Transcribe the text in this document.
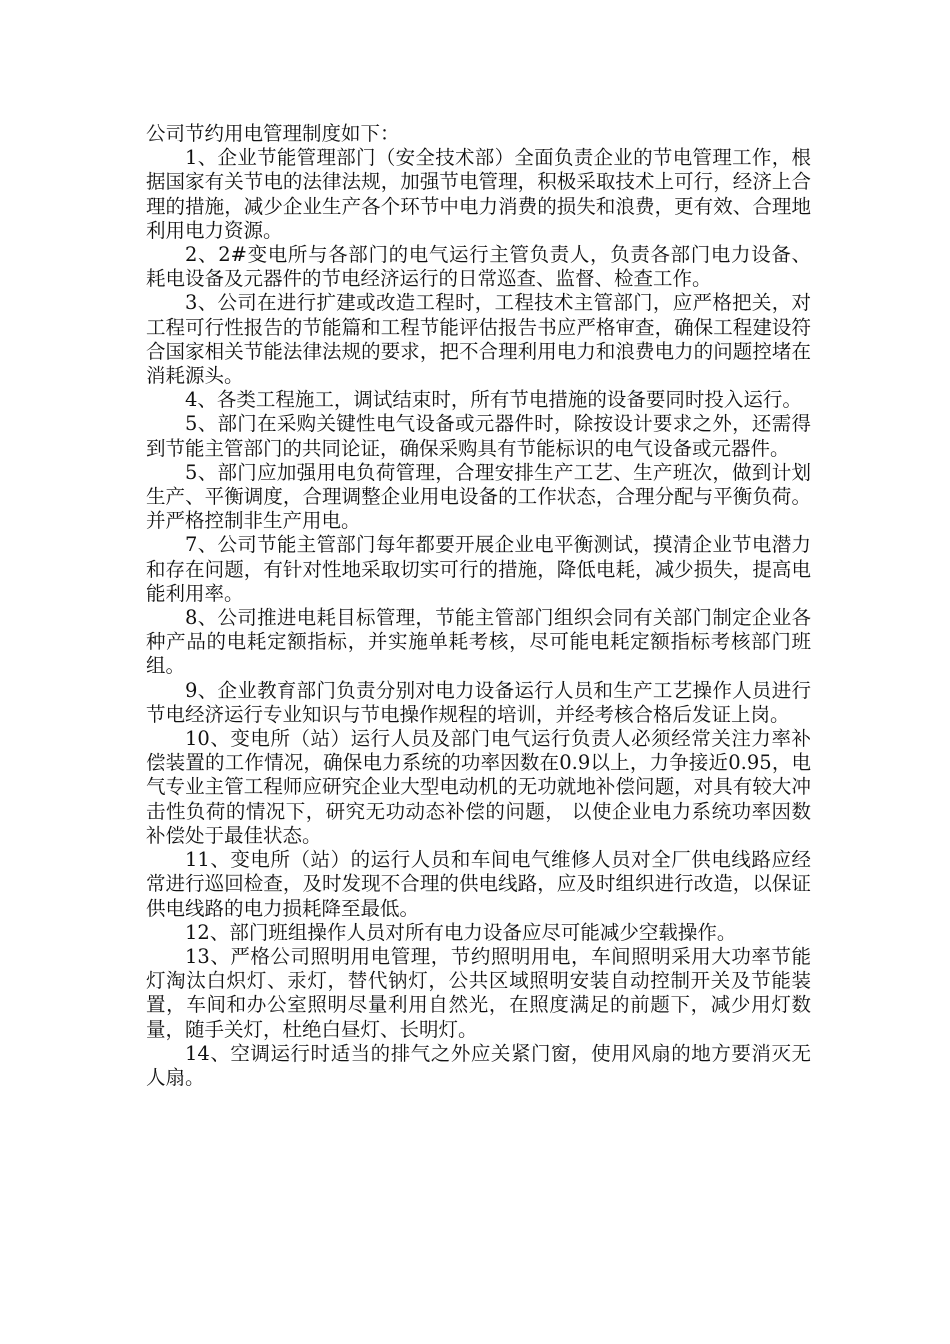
公司节约用电管理制度如下：

1、企业节能管理部门（安全技术部）全面负责企业的节电管理工作，根据国家有关节电的法律法规，加强节电管理，积极采取技术上可行，经济上合理的措施，减少企业生产各个环节中电力消费的损失和浪费，更有效、合理地利用电力资源。

2、2#变电所与各部门的电气运行主管负责人，负责各部门电力设备、耗电设备及元器件的节电经济运行的日常巡查、监督、检查工作。

3、公司在进行扩建或改造工程时，工程技术主管部门，应严格把关，对工程可行性报告的节能篇和工程节能评估报告书应严格审查，确保工程建设符合国家相关节能法律法规的要求，把不合理利用电力和浪费电力的问题控堵在消耗源头。

4、各类工程施工，调试结束时，所有节电措施的设备要同时投入运行。

5、部门在采购关键性电气设备或元器件时，除按设计要求之外，还需得到节能主管部门的共同论证，确保采购具有节能标识的电气设备或元器件。

5、部门应加强用电负荷管理，合理安排生产工艺、生产班次，做到计划生产、平衡调度，合理调整企业用电设备的工作状态，合理分配与平衡负荷。并严格控制非生产用电。

7、公司节能主管部门每年都要开展企业电平衡测试，摸清企业节电潜力和存在问题，有针对性地采取切实可行的措施，降低电耗，减少损失，提高电能利用率。

8、公司推进电耗目标管理，节能主管部门组织会同有关部门制定企业各种产品的电耗定额指标，并实施单耗考核，尽可能电耗定额指标考核部门班组。

9、企业教育部门负责分别对电力设备运行人员和生产工艺操作人员进行节电经济运行专业知识与节电操作规程的培训，并经考核合格后发证上岗。

10、变电所（站）运行人员及部门电气运行负责人必须经常关注力率补偿装置的工作情况，确保电力系统的功率因数在0.9以上，力争接近0.95，电气专业主管工程师应研究企业大型电动机的无功就地补偿问题，对具有较大冲击性负荷的情况下，研究无功动态补偿的问题， 以使企业电力系统功率因数补偿处于最佳状态。

11、变电所（站）的运行人员和车间电气维修人员对全厂供电线路应经常进行巡回检查，及时发现不合理的供电线路，应及时组织进行改造，以保证供电线路的电力损耗降至最低。

12、部门班组操作人员对所有电力设备应尽可能减少空载操作。

13、严格公司照明用电管理，节约照明用电，车间照明采用大功率节能灯淘汰白炽灯、汞灯，替代钠灯，公共区域照明安装自动控制开关及节能装置，车间和办公室照明尽量利用自然光，在照度满足的前题下，减少用灯数量，随手关灯，杜绝白昼灯、长明灯。

14、空调运行时适当的排气之外应关紧门窗，使用风扇的地方要消灭无人扇。
